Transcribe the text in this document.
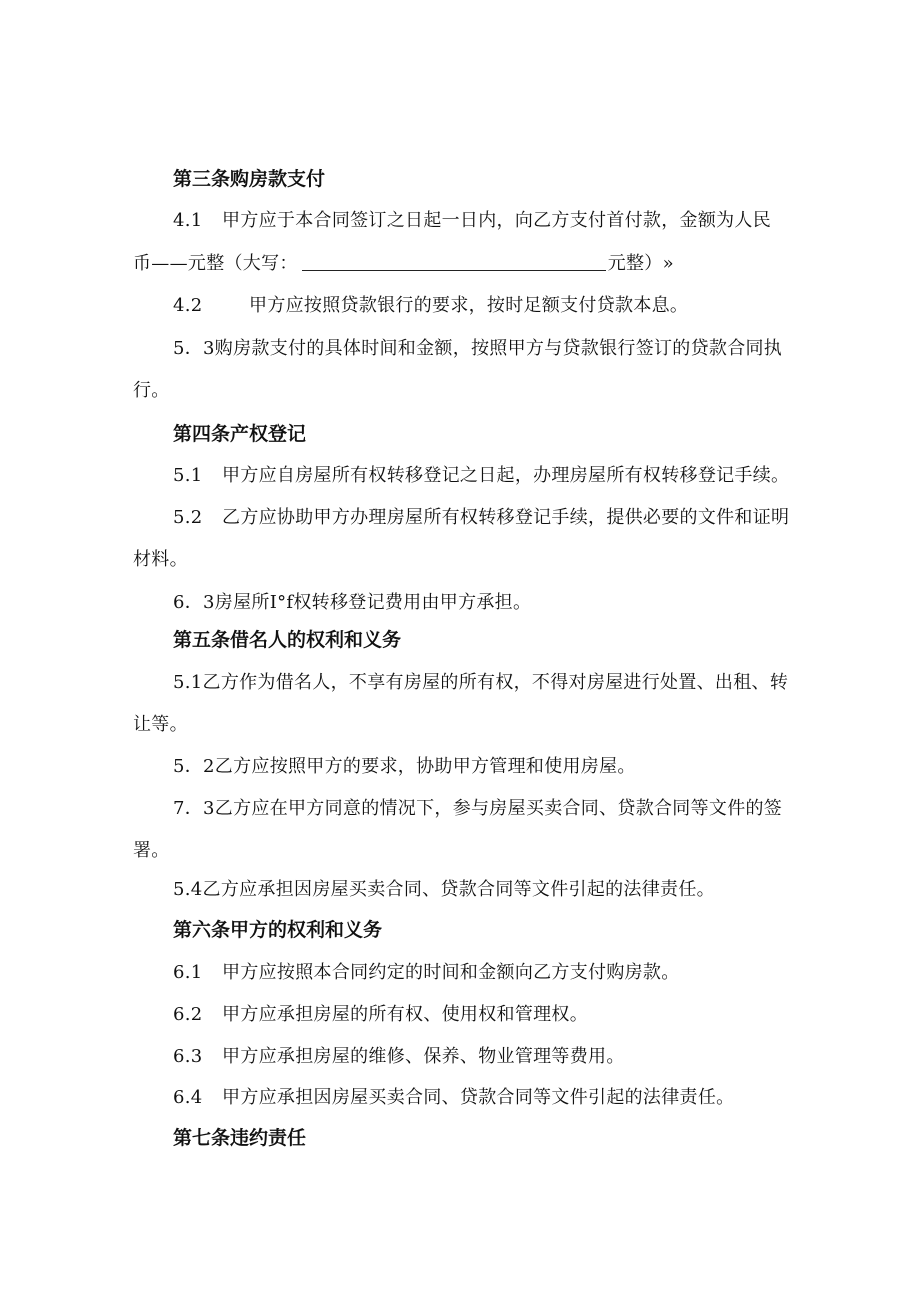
第三条购房款支付
4.1 甲方应于本合同签订之日起一日内，向乙方支付首付款，金额为人民
币——元整（大写：	元整）»
4.2	甲方应按照贷款银行的要求，按时足额支付贷款本息。
5．3购房款支付的具体时间和金额，按照甲方与贷款银行签订的贷款合同执
行。
第四条产权登记
5.1 甲方应自房屋所有权转移登记之日起，办理房屋所有权转移登记手续。
5.2 乙方应协助甲方办理房屋所有权转移登记手续，提供必要的文件和证明
材料。
6．3房屋所I°f权转移登记费用由甲方承担。
第五条借名人的权利和义务
5.1乙方作为借名人，不享有房屋的所有权，不得对房屋进行处置、出租、转
让等。
5．2乙方应按照甲方的要求，协助甲方管理和使用房屋。
7．3乙方应在甲方同意的情况下，参与房屋买卖合同、贷款合同等文件的签
署。
5.4乙方应承担因房屋买卖合同、贷款合同等文件引起的法律责任。
第六条甲方的权利和义务
6.1 甲方应按照本合同约定的时间和金额向乙方支付购房款。
6.2 甲方应承担房屋的所有权、使用权和管理权。
6.3 甲方应承担房屋的维修、保养、物业管理等费用。
6.4 甲方应承担因房屋买卖合同、贷款合同等文件引起的法律责任。
第七条违约责任
